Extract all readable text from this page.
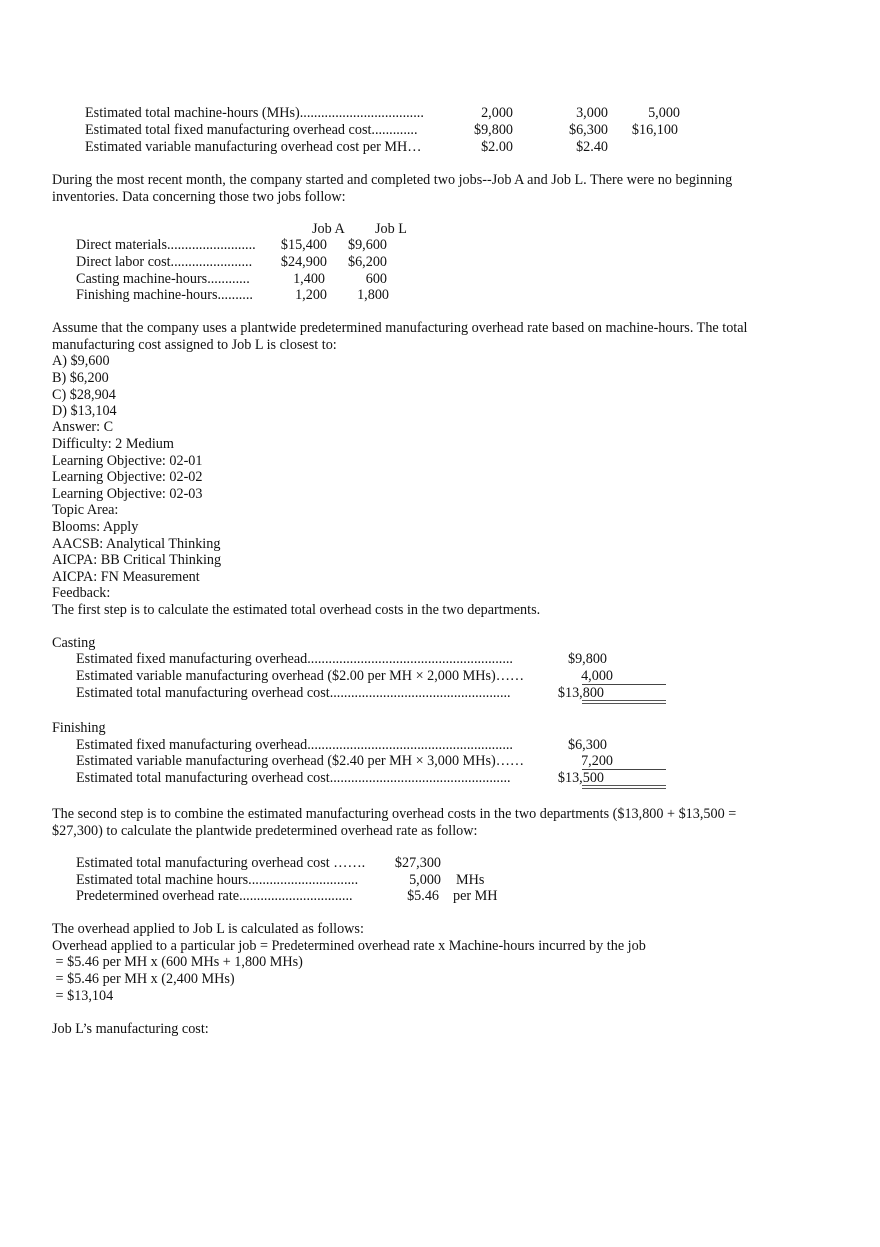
Estimated total machine-hours (MHs)...................................	2,000	3,000	5,000
Estimated total fixed manufacturing overhead cost.............	$9,800	$6,300	$16,100
Estimated variable manufacturing overhead cost per MH…	$2.00	$2.40
During the most recent month, the company started and completed two jobs--Job A and Job L. There were no beginning inventories. Data concerning those two jobs follow:
Job A Job L
Direct materials.........................	$15,400	$9,600
Direct labor cost.......................	$24,900	$6,200
Casting machine-hours............	1,400	600
Finishing machine-hours..........	1,200	1,800
Assume that the company uses a plantwide predetermined manufacturing overhead rate based on machine-hours. The total manufacturing cost assigned to Job L is closest to:
A) $9,600
B) $6,200
C) $28,904
D) $13,104
Answer: C
Difficulty: 2 Medium
Learning Objective: 02-01
Learning Objective: 02-02
Learning Objective: 02-03
Topic Area:
Blooms: Apply
AACSB: Analytical Thinking
AICPA: BB Critical Thinking
AICPA: FN Measurement
Feedback:
The first step is to calculate the estimated total overhead costs in the two departments.
Casting
Estimated fixed manufacturing overhead..........................................................	$9,800
Estimated variable manufacturing overhead ($2.00 per MH × 2,000 MHs)……	4,000
Estimated total manufacturing overhead cost...................................................	$13,800
Finishing
Estimated fixed manufacturing overhead..........................................................	$6,300
Estimated variable manufacturing overhead ($2.40 per MH × 3,000 MHs)……	7,200
Estimated total manufacturing overhead cost...................................................	$13,500
The second step is to combine the estimated manufacturing overhead costs in the two departments ($13,800 + $13,500 = $27,300) to calculate the plantwide predetermined overhead rate as follow:
Estimated total manufacturing overhead cost …….	$27,300
Estimated total machine hours...............................	5,000 MHs
Predetermined overhead rate................................	$5.46 per MH
The overhead applied to Job L is calculated as follows:
Overhead applied to a particular job = Predetermined overhead rate x Machine-hours incurred by the job
= $5.46 per MH x (600 MHs + 1,800 MHs)
= $5.46 per MH x (2,400 MHs)
= $13,104
Job L’s manufacturing cost:
